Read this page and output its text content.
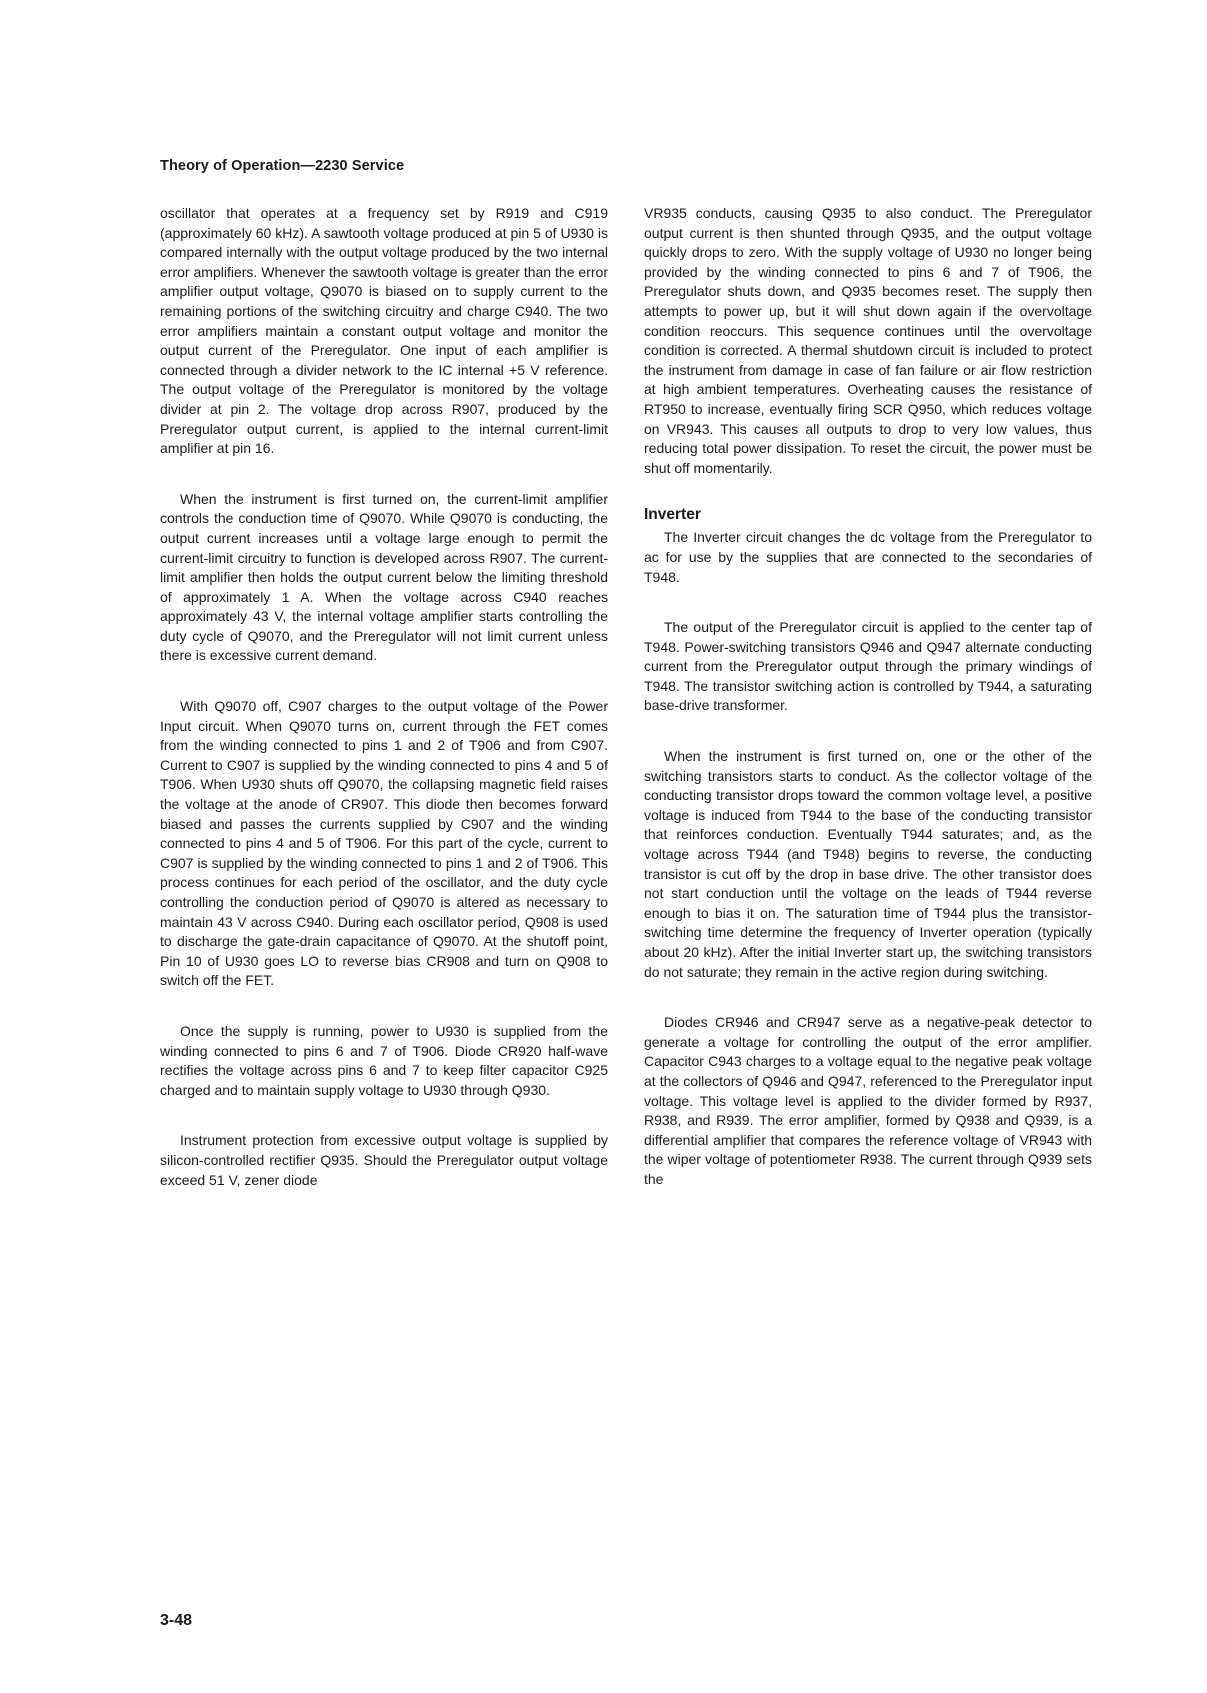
Theory of Operation—2230 Service

oscillator that operates at a frequency set by R919 and C919 (approximately 60 kHz). A sawtooth voltage produced at pin 5 of U930 is compared internally with the output voltage produced by the two internal error amplifiers. Whenever the sawtooth voltage is greater than the error amplifier output voltage, Q9070 is biased on to supply current to the remaining portions of the switching circuitry and charge C940. The two error amplifiers maintain a constant output voltage and monitor the output current of the Preregulator. One input of each amplifier is connected through a divider network to the IC internal +5 V reference. The output voltage of the Preregulator is monitored by the voltage divider at pin 2. The voltage drop across R907, produced by the Preregulator output current, is applied to the internal current-limit amplifier at pin 16.

When the instrument is first turned on, the current-limit amplifier controls the conduction time of Q9070. While Q9070 is conducting, the output current increases until a voltage large enough to permit the current-limit circuitry to function is developed across R907. The current-limit amplifier then holds the output current below the limiting threshold of approximately 1 A. When the voltage across C940 reaches approximately 43 V, the internal voltage amplifier starts controlling the duty cycle of Q9070, and the Preregulator will not limit current unless there is excessive current demand.

With Q9070 off, C907 charges to the output voltage of the Power Input circuit. When Q9070 turns on, current through the FET comes from the winding connected to pins 1 and 2 of T906 and from C907. Current to C907 is supplied by the winding connected to pins 4 and 5 of T906. When U930 shuts off Q9070, the collapsing magnetic field raises the voltage at the anode of CR907. This diode then becomes forward biased and passes the currents supplied by C907 and the winding connected to pins 4 and 5 of T906. For this part of the cycle, current to C907 is supplied by the winding connected to pins 1 and 2 of T906. This process continues for each period of the oscillator, and the duty cycle controlling the conduction period of Q9070 is altered as necessary to maintain 43 V across C940. During each oscillator period, Q908 is used to discharge the gate-drain capacitance of Q9070. At the shutoff point, Pin 10 of U930 goes LO to reverse bias CR908 and turn on Q908 to switch off the FET.

Once the supply is running, power to U930 is supplied from the winding connected to pins 6 and 7 of T906. Diode CR920 half-wave rectifies the voltage across pins 6 and 7 to keep filter capacitor C925 charged and to maintain supply voltage to U930 through Q930.

Instrument protection from excessive output voltage is supplied by silicon-controlled rectifier Q935. Should the Preregulator output voltage exceed 51 V, zener diode

VR935 conducts, causing Q935 to also conduct. The Preregulator output current is then shunted through Q935, and the output voltage quickly drops to zero. With the supply voltage of U930 no longer being provided by the winding connected to pins 6 and 7 of T906, the Preregulator shuts down, and Q935 becomes reset. The supply then attempts to power up, but it will shut down again if the overvoltage condition reoccurs. This sequence continues until the overvoltage condition is corrected. A thermal shutdown circuit is included to protect the instrument from damage in case of fan failure or air flow restriction at high ambient temperatures. Overheating causes the resistance of RT950 to increase, eventually firing SCR Q950, which reduces voltage on VR943. This causes all outputs to drop to very low values, thus reducing total power dissipation. To reset the circuit, the power must be shut off momentarily.

Inverter

The Inverter circuit changes the dc voltage from the Preregulator to ac for use by the supplies that are connected to the secondaries of T948.

The output of the Preregulator circuit is applied to the center tap of T948. Power-switching transistors Q946 and Q947 alternate conducting current from the Preregulator output through the primary windings of T948. The transistor switching action is controlled by T944, a saturating base-drive transformer.

When the instrument is first turned on, one or the other of the switching transistors starts to conduct. As the collector voltage of the conducting transistor drops toward the common voltage level, a positive voltage is induced from T944 to the base of the conducting transistor that reinforces conduction. Eventually T944 saturates; and, as the voltage across T944 (and T948) begins to reverse, the conducting transistor is cut off by the drop in base drive. The other transistor does not start conduction until the voltage on the leads of T944 reverse enough to bias it on. The saturation time of T944 plus the transistor-switching time determine the frequency of Inverter operation (typically about 20 kHz). After the initial Inverter start up, the switching transistors do not saturate; they remain in the active region during switching.

Diodes CR946 and CR947 serve as a negative-peak detector to generate a voltage for controlling the output of the error amplifier. Capacitor C943 charges to a voltage equal to the negative peak voltage at the collectors of Q946 and Q947, referenced to the Preregulator input voltage. This voltage level is applied to the divider formed by R937, R938, and R939. The error amplifier, formed by Q938 and Q939, is a differential amplifier that compares the reference voltage of VR943 with the wiper voltage of potentiometer R938. The current through Q939 sets the

3-48
